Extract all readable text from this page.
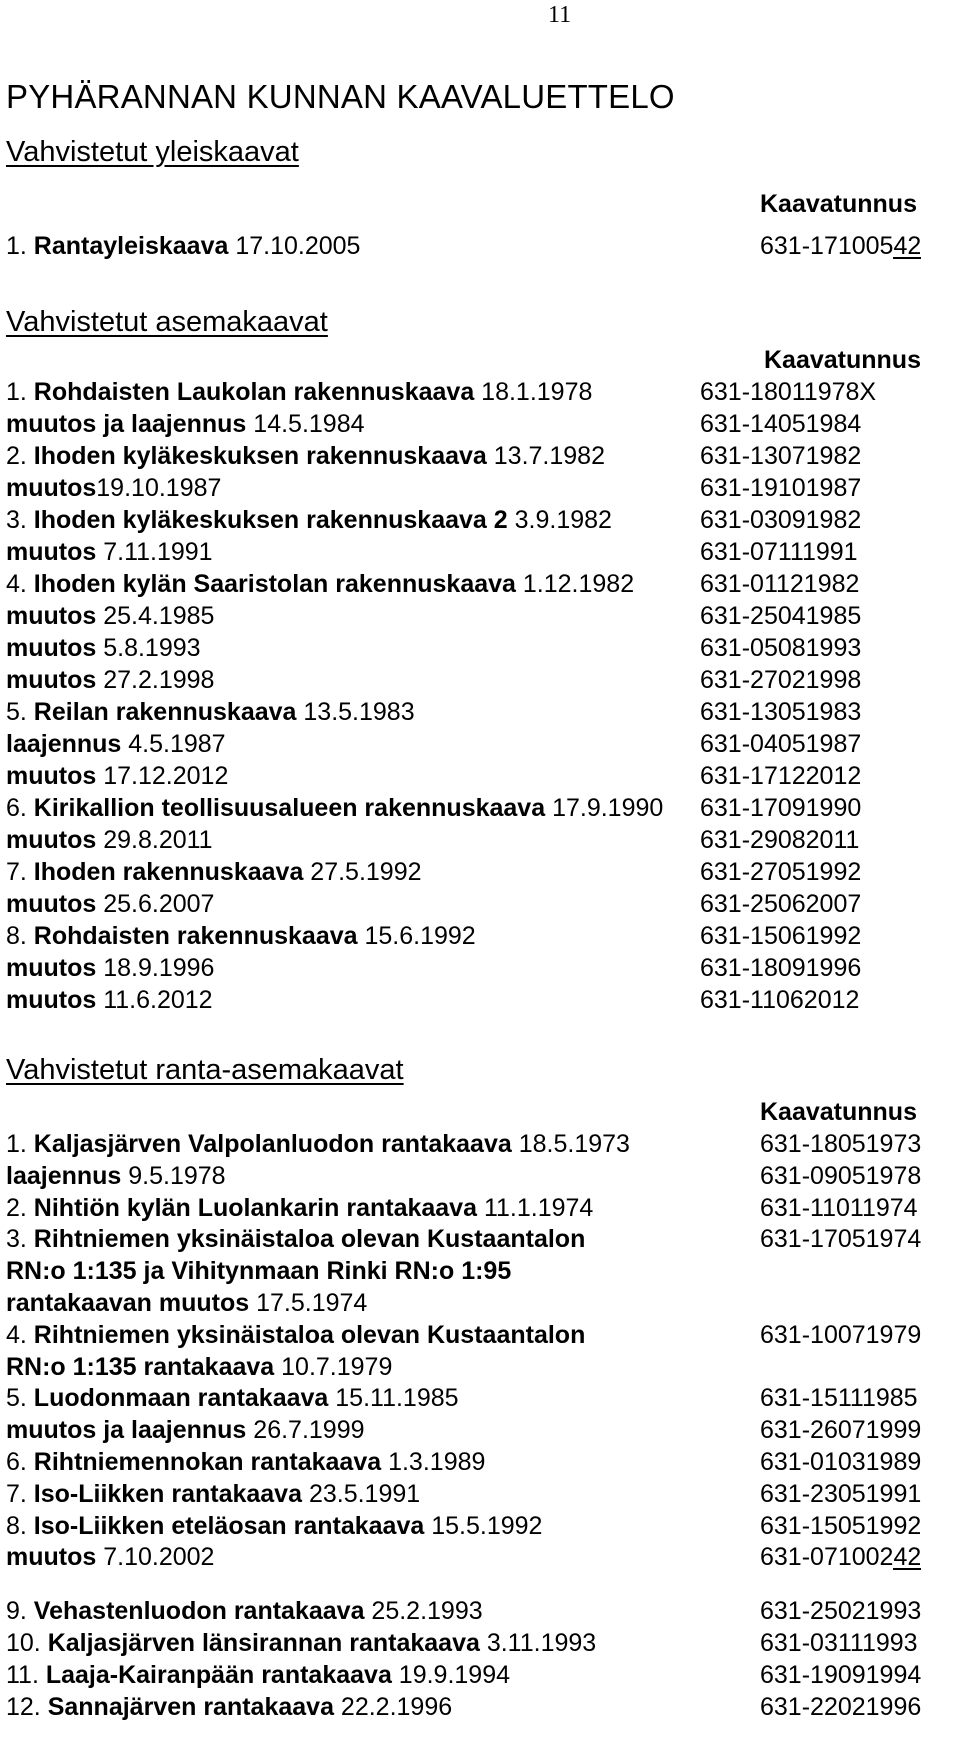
11
PYHÄRANNAN KUNNAN KAAVALUETTELO
Vahvistetut yleiskaavat
Kaavatunnus
1. Rantayleiskaava 17.10.2005	631-17100542
Vahvistetut asemakaavat
Kaavatunnus
1. Rohdaisten Laukolan rakennuskaava 18.1.1978	631-18011978X
muutos ja laajennus 14.5.1984	631-14051984
2. Ihoden kyläkeskuksen rakennuskaava 13.7.1982	631-13071982
muutos19.10.1987	631-19101987
3. Ihoden kyläkeskuksen rakennuskaava 2 3.9.1982	631-03091982
muutos 7.11.1991	631-07111991
4. Ihoden kylän Saaristolan rakennuskaava 1.12.1982	631-01121982
muutos 25.4.1985	631-25041985
muutos 5.8.1993	631-05081993
muutos 27.2.1998	631-27021998
5. Reilan rakennuskaava 13.5.1983	631-13051983
laajennus 4.5.1987	631-04051987
muutos 17.12.2012	631-17122012
6. Kirikallion teollisuusalueen rakennuskaava 17.9.1990 631-17091990
muutos 29.8.2011	631-29082011
7. Ihoden rakennuskaava 27.5.1992	631-27051992
muutos 25.6.2007	631-25062007
8. Rohdaisten rakennuskaava 15.6.1992	631-15061992
muutos 18.9.1996	631-18091996
muutos 11.6.2012	631-11062012
Vahvistetut ranta-asemakaavat
Kaavatunnus
1. Kaljasjärven Valpolanluodon rantakaava 18.5.1973	631-18051973
laajennus 9.5.1978	631-09051978
2. Nihtiön kylän Luolankarin rantakaava 11.1.1974	631-11011974
3. Rihtniemen yksinäistaloa olevan Kustaantalon	631-17051974
RN:o 1:135 ja Vihitynmaan Rinki RN:o 1:95
rantakaavan muutos 17.5.1974
4. Rihtniemen yksinäistaloa olevan Kustaantalon	631-10071979
RN:o 1:135 rantakaava 10.7.1979
5. Luodonmaan rantakaava 15.11.1985	631-15111985
muutos ja laajennus 26.7.1999	631-26071999
6. Rihtniemennokan rantakaava 1.3.1989	631-01031989
7. Iso-Liikken rantakaava 23.5.1991	631-23051991
8. Iso-Liikken eteläosan rantakaava 15.5.1992	631-15051992
muutos 7.10.2002	631-07100242
9. Vehastenluodon rantakaava 25.2.1993	631-25021993
10. Kaljasjärven länsirannan rantakaava 3.11.1993	631-03111993
11. Laaja-Kairanpään rantakaava 19.9.1994	631-19091994
12. Sannajärven rantakaava 22.2.1996	631-22021996
